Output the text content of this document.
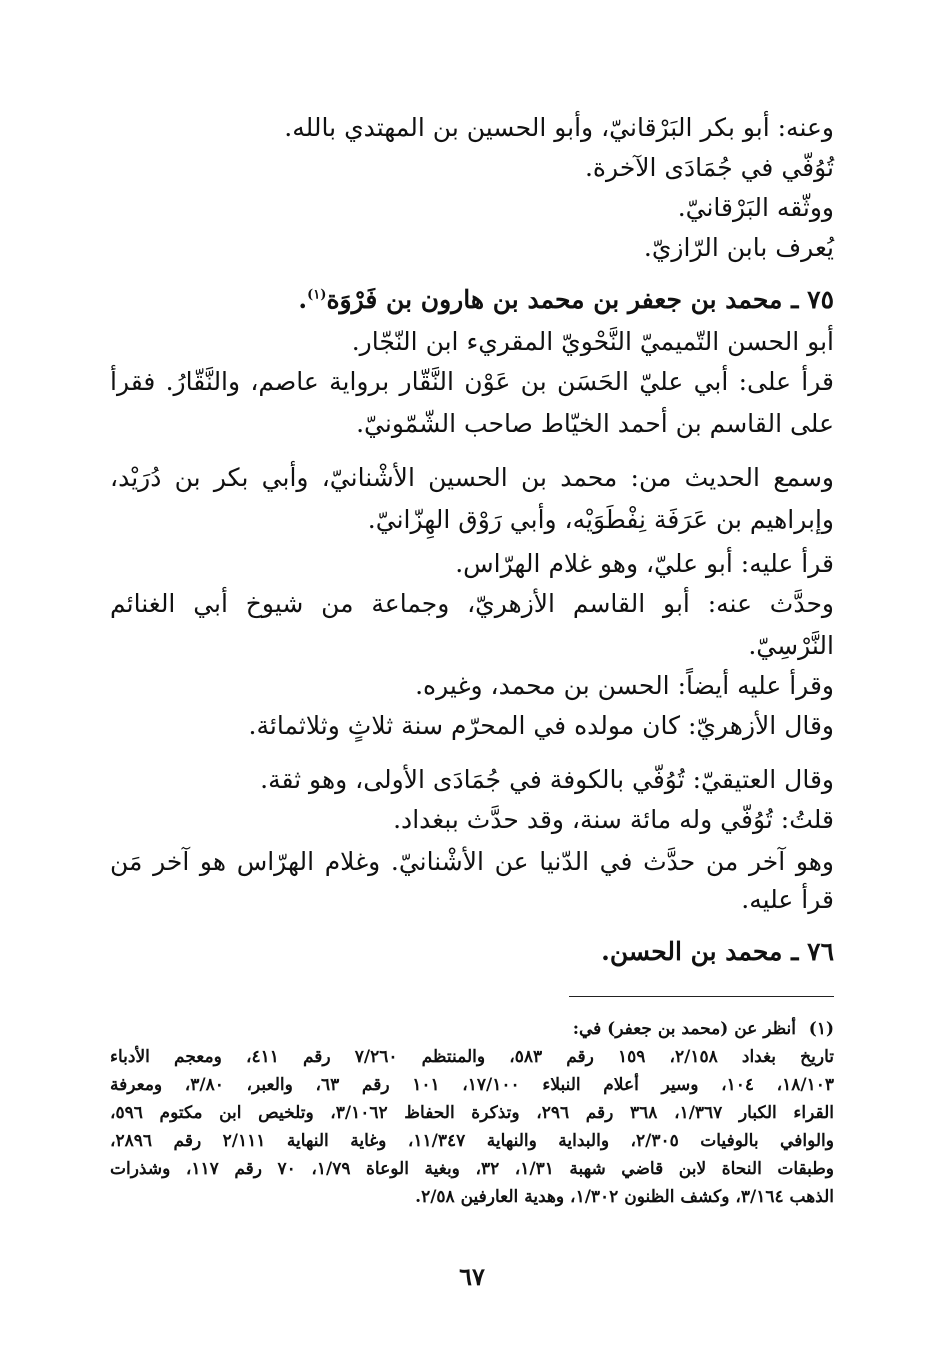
وعنه: أبو بكر البَرْقانيّ، وأبو الحسين بن المهتدي بالله.
تُوُفّي في جُمَادَى الآخرة.
ووثّقه البَرْقانيّ.
يُعرف بابن الرّازيّ.
٧٥ ـ محمد بن جعفر بن محمد بن هارون بن فَرْوَة$^{(١)}$.
أبو الحسن التّميميّ النَّحْويّ المقريء ابن النّجّار.
قرأ على: أبي عليّ الحَسَن بن عَوْن النَّقّار برواية عاصم، والنَّقّارُ. فقرأ
على القاسم بن أحمد الخيّاط صاحب الشّمّونيّ.
وسمع الحديث من: محمد بن الحسين الأشْنانيّ، وأبي بكر بن دُرَيْد،
وإبراهيم بن عَرَفَة نِفْطَوَيْه، وأبي رَوْق الهِزّانيّ.
قرأ عليه: أبو عليّ، وهو غلام الهرّاس.
وحدَّث عنه: أبو القاسم الأزهريّ، وجماعة من شيوخ أبي الغنائم
النَّرْسِيّ.
وقرأ عليه أيضاً: الحسن بن محمد، وغيره.
وقال الأزهريّ: كان مولده في المحرّم سنة ثلاثٍ وثلاثمائة.
وقال العتيقيّ: تُوُفّي بالكوفة في جُمَادَى الأولى، وهو ثقة.
قلتُ: تُوُفّي وله مائة سنة، وقد حدَّث ببغداد.
وهو آخر من حدَّث في الدّنيا عن الأشْنانيّ. وغلام الهرّاس هو آخر مَن
قرأ عليه.
٧٦ ـ محمد بن الحسن.
(١)
أنظر عن (محمد بن جعفر) في:
تاريخ بغداد ٢/١٥٨، ١٥٩ رقم ٥٨٣، والمنتظم ٧/٢٦٠ رقم ٤١١، ومعجم الأدباء
١٨/١٠٣، ١٠٤، وسير أعلام النبلاء ١٧/١٠٠، ١٠١ رقم ٦٣، والعبر، ٣/٨٠، ومعرفة
القراء الكبار ١/٣٦٧، ٣٦٨ رقم ٢٩٦، وتذكرة الحفاظ ٣/١٠٦٢، وتلخيص ابن مكتوم ٥٩٦،
والوافي بالوفيات ٢/٣٠٥، والبداية والنهاية ١١/٣٤٧، وغاية النهاية ٢/١١١ رقم ٢٨٩٦،
وطبقات النحاة لابن قاضي شهبة ١/٣١، ٣٢، وبغية الوعاة ١/٧٩، ٧٠ رقم ١١٧، وشذرات
الذهب ٣/١٦٤، وكشف الظنون ١/٣٠٢، وهدية العارفين ٢/٥٨.
٦٧
